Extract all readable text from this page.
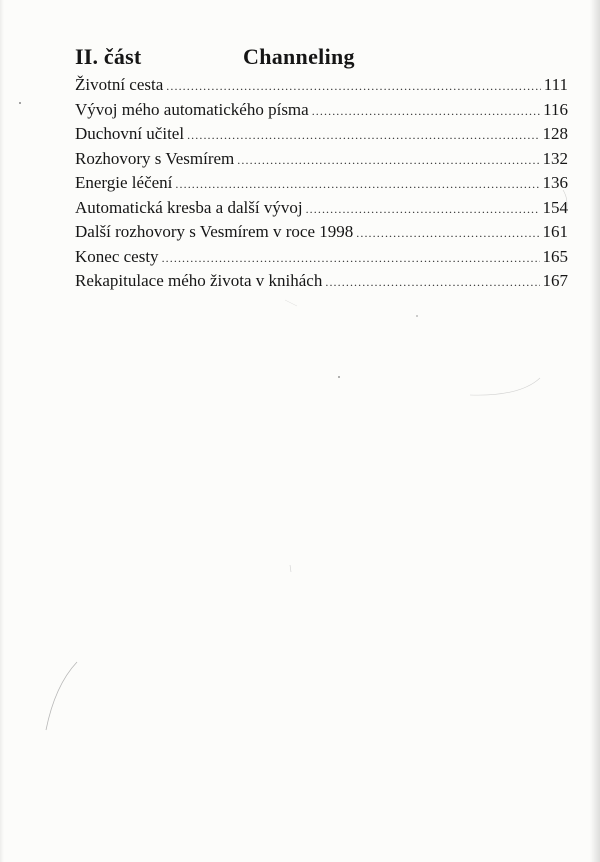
II. část	Channeling
Životní cesta .....	111
Vývoj mého automatického písma .....	116
Duchovní učitel .....	128
Rozhovory s Vesmírem .....	132
Energie léčení .....	136
Automatická kresba a další vývoj .....	154
Další rozhovory s Vesmírem v roce 1998 .....	161
Konec cesty .....	165
Rekapitulace mého života v knihách .....	167
